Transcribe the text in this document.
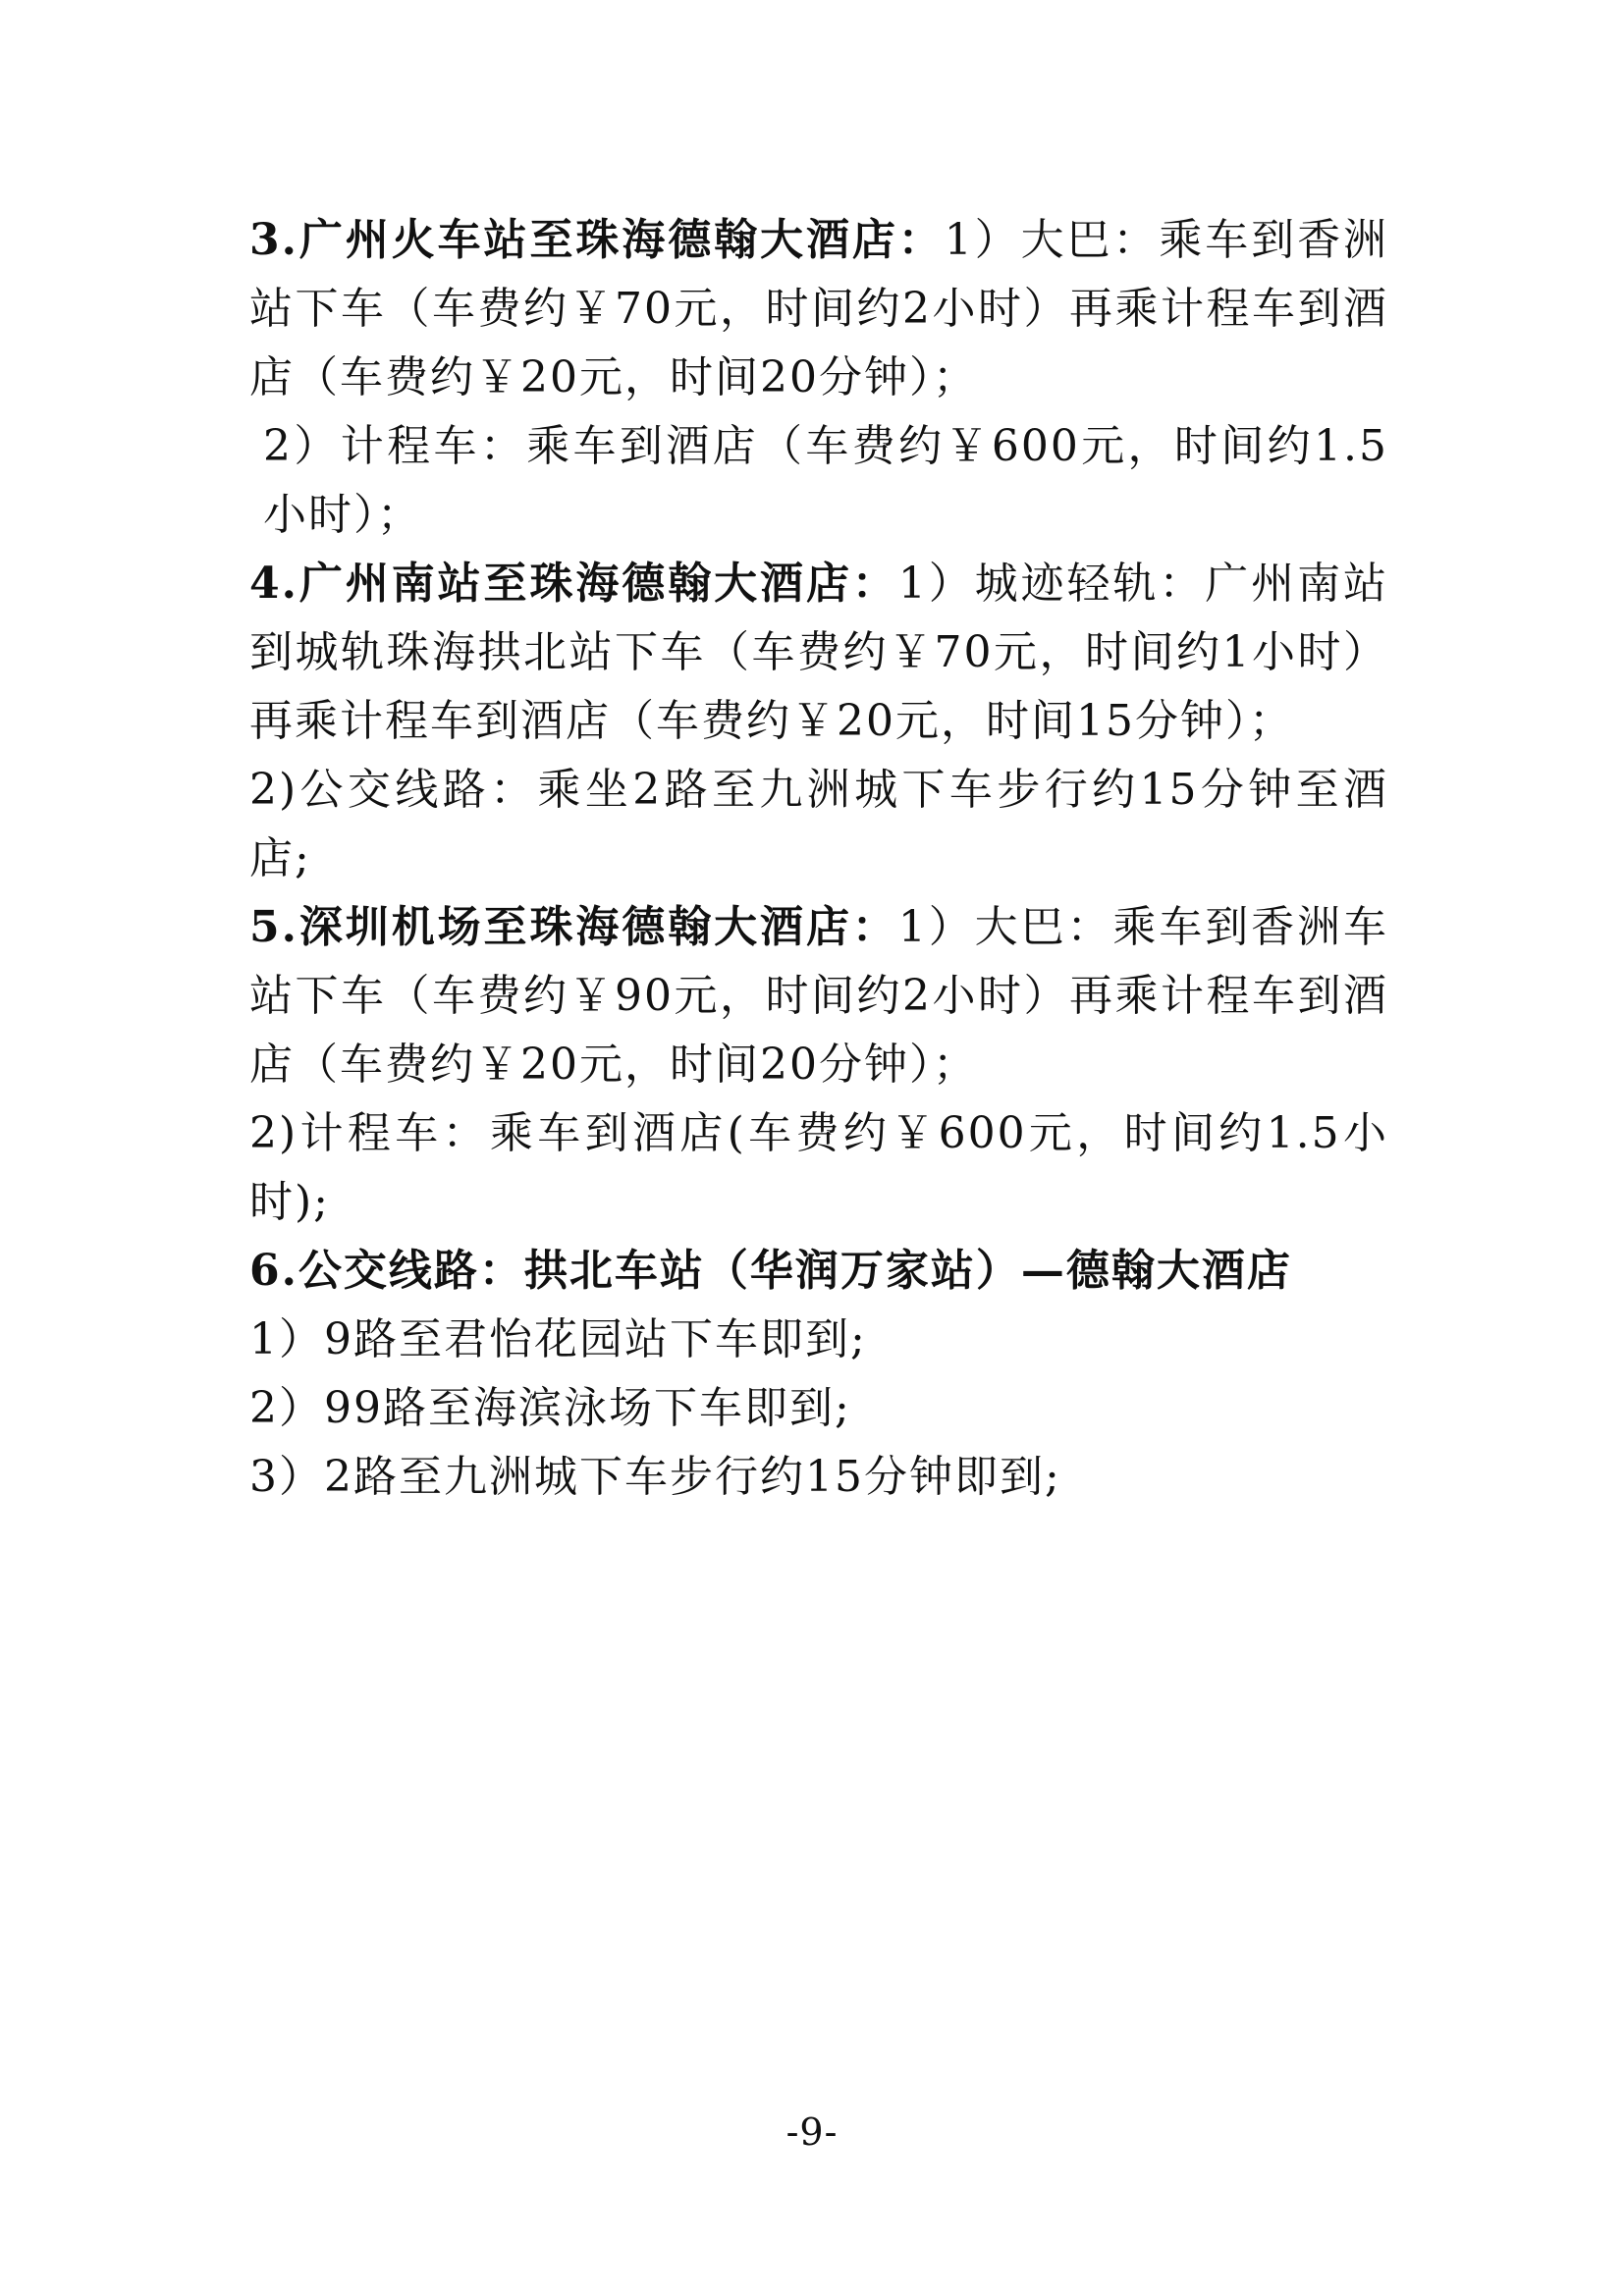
3.广州火车站至珠海德翰大酒店：1）大巴：乘车到香洲站下车（车费约￥70元，时间约2小时）再乘计程车到酒店（车费约￥20元，时间20分钟）；

2）计程车：乘车到酒店（车费约￥600元，时间约1.5小时）；

4.广州南站至珠海德翰大酒店：1）城迹轻轨：广州南站到城轨珠海拱北站下车（车费约￥70元，时间约1小时）再乘计程车到酒店（车费约￥20元，时间15分钟）；

2)公交线路：乘坐2路至九洲城下车步行约15分钟至酒店;

5.深圳机场至珠海德翰大酒店：1）大巴：乘车到香洲车站下车（车费约￥90元，时间约2小时）再乘计程车到酒店（车费约￥20元，时间20分钟）；

2)计程车：乘车到酒店(车费约￥600元，时间约1.5小时);

6.公交线路：拱北车站（华润万家站）—德翰大酒店

1）9路至君怡花园站下车即到;

2）99路至海滨泳场下车即到;

3）2路至九洲城下车步行约15分钟即到;

-9-
